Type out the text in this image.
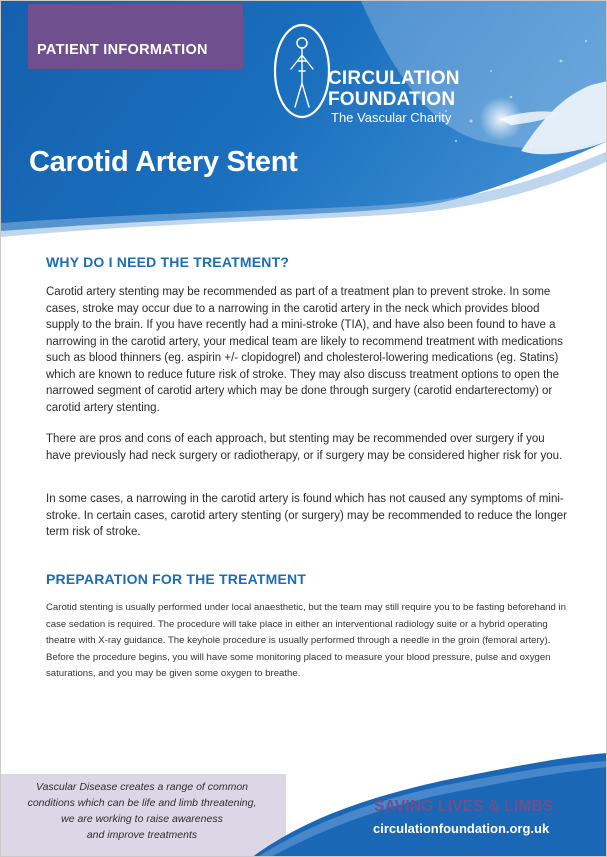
PATIENT INFORMATION
CIRCULATION
FOUNDATION
The Vascular Charity
Carotid Artery Stent
WHY DO I NEED THE TREATMENT?

Carotid artery stenting may be recommended as part of a treatment plan to prevent stroke. In some cases, stroke may occur due to a narrowing in the carotid artery in the neck which provides blood supply to the brain. If you have recently had a mini-stroke (TIA), and have also been found to have a narrowing in the carotid artery, your medical team are likely to recommend treatment with medications such as blood thinners (eg. aspirin +/- clopidogrel) and cholesterol-lowering medications (eg. Statins) which are known to reduce future risk of stroke. They may also discuss treatment options to open the narrowed segment of carotid artery which may be done through surgery (carotid endarterectomy) or carotid artery stenting.

There are pros and cons of each approach, but stenting may be recommended over surgery if you have previously had neck surgery or radiotherapy, or if surgery may be considered higher risk for you.

In some cases, a narrowing in the carotid artery is found which has not caused any symptoms of mini-stroke. In certain cases, carotid artery stenting (or surgery) may be recommended to reduce the longer term risk of stroke.

PREPARATION FOR THE TREATMENT

Carotid stenting is usually performed under local anaesthetic, but the team may still require you to be fasting beforehand in case sedation is required. The procedure will take place in either an interventional radiology suite or a hybrid operating theatre with X-ray guidance. The keyhole procedure is usually performed through a needle in the groin (femoral artery). Before the procedure begins, you will have some monitoring placed to measure your blood pressure, pulse and oxygen saturations, and you may be given some oxygen to breathe.

Vascular Disease creates a range of common
conditions which can be life and limb threatening,
we are working to raise awareness
and improve treatments
SAVING LIVES & LIMBS
circulationfoundation.org.uk
